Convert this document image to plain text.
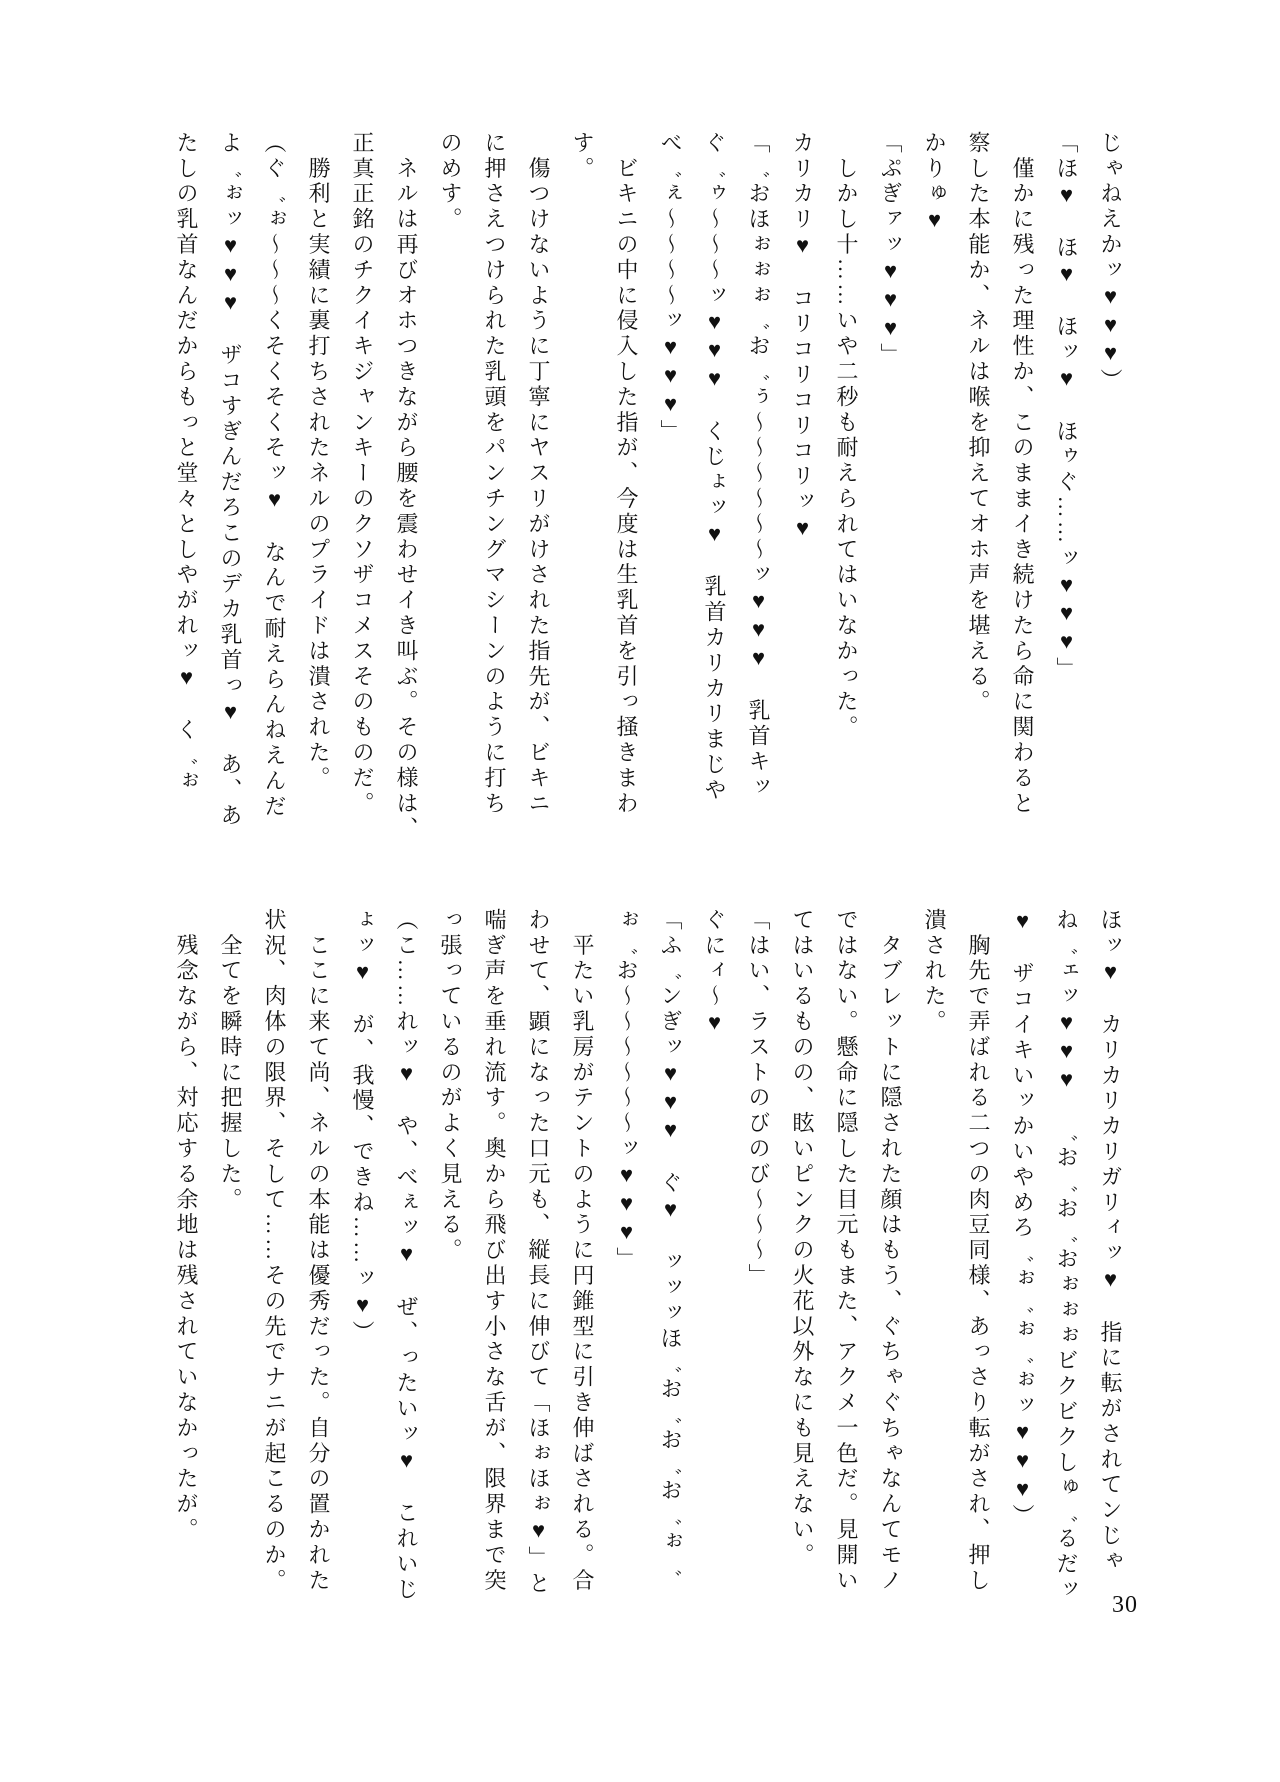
じゃねえかッ♥♥♥）

「ほ♥　ほ♥　ほッ♥　ほゥぐ……ッ♥♥♥」

　僅かに残った理性か、このままイき続けたら命に関わると

察した本能か、ネルは喉を抑えてオホ声を堪える。

かりゅ♥

「ぷぎァッ♥♥♥」

　しかし十……いや二秒も耐えられてはいなかった。

カリカリ♥　コリコリコリコリッ♥

「゛おほぉぉぉ゛お゛ぅ～～～～～～ッ♥♥♥　乳首キッ

ぐ゛ゥ～～～ッ♥♥♥　くじょッ♥　乳首カリカリまじや

べ゛ぇ～～～～ッ♥♥♥」

　ビキニの中に侵入した指が、今度は生乳首を引っ掻きまわ

す。

　傷つけないように丁寧にヤスリがけされた指先が、ビキニ

に押さえつけられた乳頭をパンチングマシーンのように打ち

のめす。

　ネルは再びオホつきながら腰を震わせイき叫ぶ。その様は、

正真正銘のチクイキジャンキーのクソザコメスそのものだ。

　勝利と実績に裏打ちされたネルのプライドは潰された。

（ぐ゛ぉ～～～くそくそくそッ♥　なんで耐えらんねえんだ

よ゛ぉッ♥♥♥　ザコすぎんだろこのデカ乳首っ♥　あ、あ

たしの乳首なんだからもっと堂々としやがれッ♥　く゛ぉ

ほッ♥　カリカリカリガリィッ♥　指に転がされてンじゃ

ね゛ェッ♥♥♥　゛お゛お゛おぉぉぉビクビクしゅ゛るだッ

♥　ザコイキいッかいやめろ゛ぉ゛ぉ゛ぉッ♥♥♥）

　胸先で弄ばれる二つの肉豆同様、あっさり転がされ、押し

潰された。

　タブレットに隠された顔はもう、ぐちゃぐちゃなんてモノ

ではない。懸命に隠した目元もまた、アクメ一色だ。見開い

てはいるものの、眩いピンクの火花以外なにも見えない。

「はい、ラストのびのび～～～」

ぐにィ～♥

「ふ゛ンぎッ♥♥♥　ぐ♥　ッッッほ゛お゛お゛お゛ぉ゛

ぉ゛お～～～～～～ッ♥♥♥」

　平たい乳房がテントのように円錐型に引き伸ばされる。合

わせて、顕になった口元も、縦長に伸びて「ほぉほぉ♥」と

喘ぎ声を垂れ流す。奥から飛び出す小さな舌が、限界まで突

っ張っているのがよく見える。

（こ……れッ♥　や、べぇッ♥　ぜ、ったいッ♥　これいじ

ょッ♥　が、我慢、できね……ッ♥）

　ここに来て尚、ネルの本能は優秀だった。自分の置かれた

状況、肉体の限界、そして……その先でナニが起こるのか。

　全てを瞬時に把握した。

　残念ながら、対応する余地は残されていなかったが。

30
